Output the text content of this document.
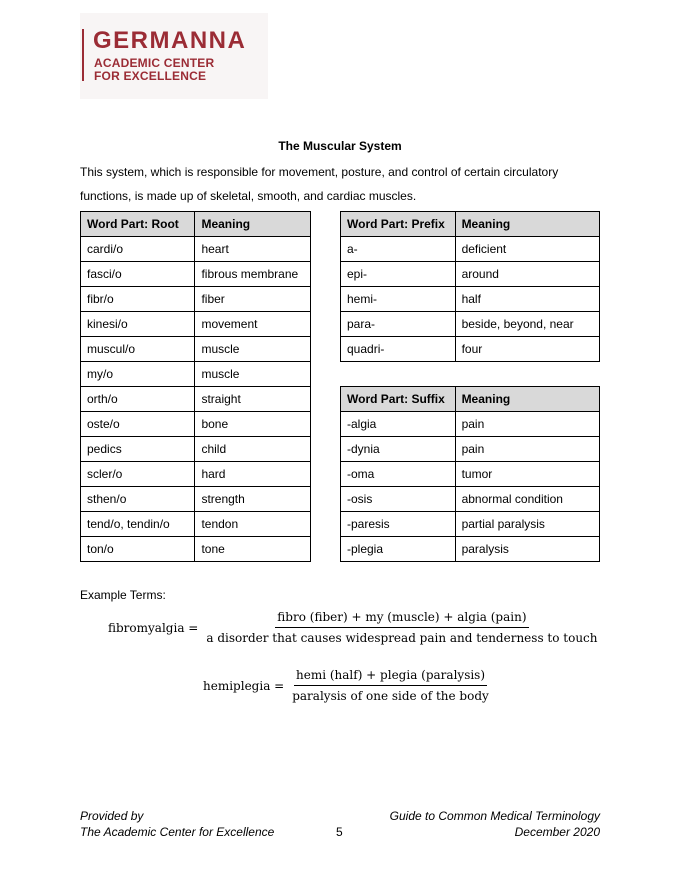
GERMANNA
ACADEMIC CENTER
FOR EXCELLENCE
The Muscular System
This system, which is responsible for movement, posture, and control of certain circulatory
functions, is made up of skeletal, smooth, and cardiac muscles.
Word Part: Root	Meaning
cardi/o	heart
fasci/o	fibrous membrane
fibr/o	fiber
kinesi/o	movement
muscul/o	muscle
my/o	muscle
orth/o	straight
oste/o	bone
pedics	child
scler/o	hard
sthen/o	strength
tend/o, tendin/o	tendon
ton/o	tone
Word Part: Prefix	Meaning
a-	deficient
epi-	around
hemi-	half
para-	beside, beyond, near
quadri-	four
Word Part: Suffix	Meaning
-algia	pain
-dynia	pain
-oma	tumor
-osis	abnormal condition
-paresis	partial paralysis
-plegia	paralysis
Example Terms:
fibromyalgia =
fibro (fiber) + my (muscle) + algia (pain)
a disorder that causes widespread pain and tenderness to touch
hemiplegia = $\frac{\text{hemi (half) + plegia (paralysis)}}{\text{paralysis of one side of the body}}$
Provided by
The Academic Center for Excellence	5
Guide to Common Medical Terminology
December 2020
